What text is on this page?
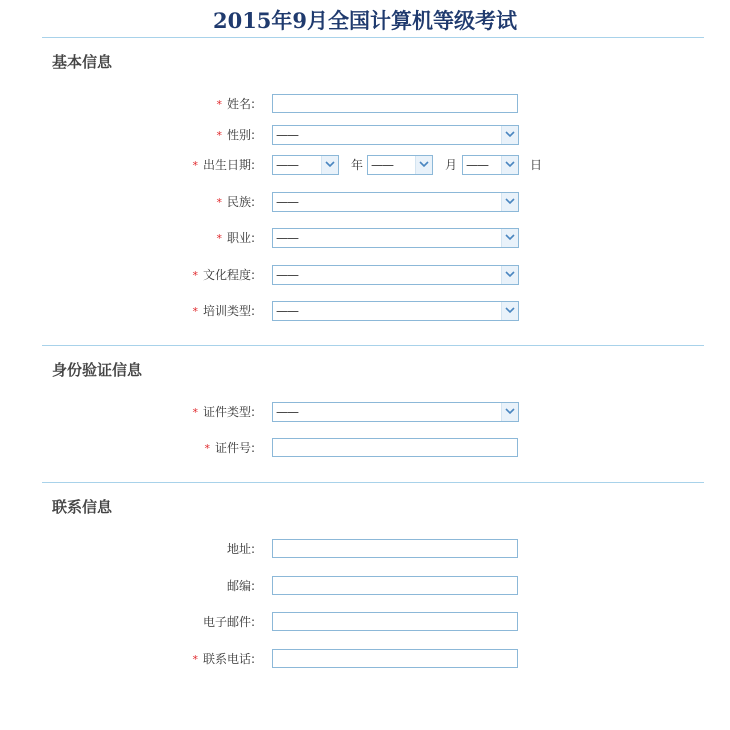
2015年9月全国计算机等级考试
基本信息
* 姓名:
* 性别: ——
* 出生日期: ——	年 ——	月 ——	日
* 民族: ——
* 职业: ——
* 文化程度: ——
* 培训类型: ——
身份验证信息
* 证件类型: ——
* 证件号:
联系信息
地址:
邮编:
电子邮件:
* 联系电话:
